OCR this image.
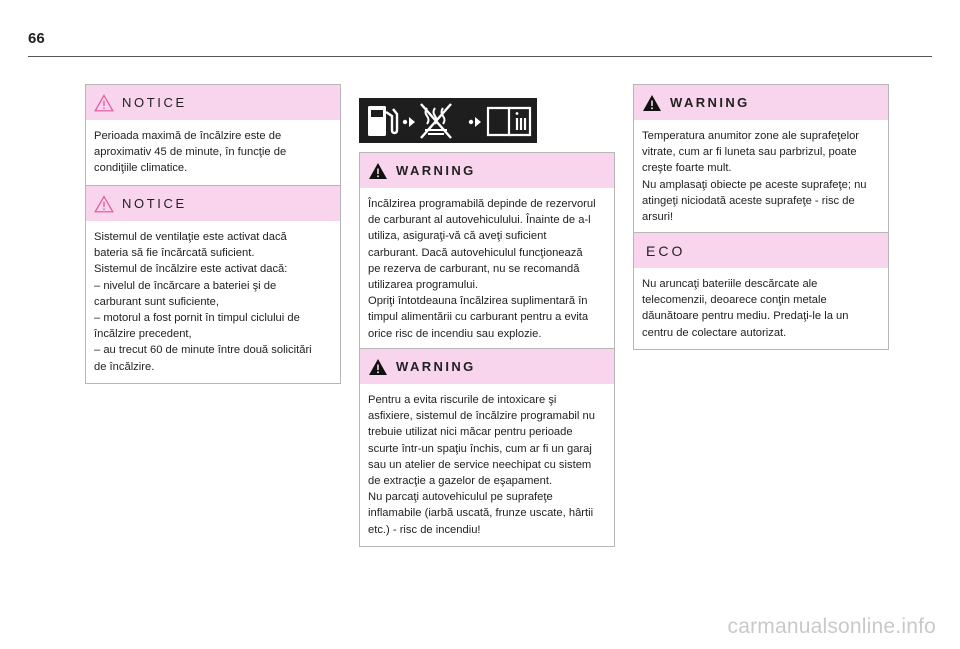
66
NOTICE

Perioada maximă de încălzire este de

aproximativ 45 de minute, în funcţie de

condiţiile climatice.

NOTICE

Sistemul de ventilaţie este activat dacă

bateria să fie încărcată suficient.

Sistemul de încălzire este activat dacă:

– nivelul de încărcare a bateriei şi de

carburant sunt suficiente,

– motorul a fost pornit în timpul ciclului de

încălzire precedent,

– au trecut 60 de minute între două solicitări

de încălzire.

WARNING

Încălzirea programabilă depinde de rezervorul

de carburant al autovehiculului. Înainte de a-l

utiliza, asiguraţi-vă că aveţi suficient

carburant. Dacă autovehiculul funcţionează

pe rezerva de carburant, nu se recomandă

utilizarea programului.

Opriţi întotdeauna încălzirea suplimentară în

timpul alimentării cu carburant pentru a evita

orice risc de incendiu sau explozie.

WARNING

Pentru a evita riscurile de intoxicare şi

asfixiere, sistemul de încălzire programabil nu

trebuie utilizat nici măcar pentru perioade

scurte într-un spaţiu închis, cum ar fi un garaj

sau un atelier de service neechipat cu sistem

de extracţie a gazelor de eşapament.

Nu parcaţi autovehiculul pe suprafeţe

inflamabile (iarbă uscată, frunze uscate, hârtii

etc.) - risc de incendiu!

WARNING

Temperatura anumitor zone ale suprafeţelor

vitrate, cum ar fi luneta sau parbrizul, poate

creşte foarte mult.

Nu amplasaţi obiecte pe aceste suprafeţe; nu

atingeţi niciodată aceste suprafeţe - risc de

arsuri!

ECO

Nu aruncaţi bateriile descărcate ale

telecomenzii, deoarece conţin metale

dăunătoare pentru mediu. Predaţi-le la un

centru de colectare autorizat.

carmanualsonline.info
